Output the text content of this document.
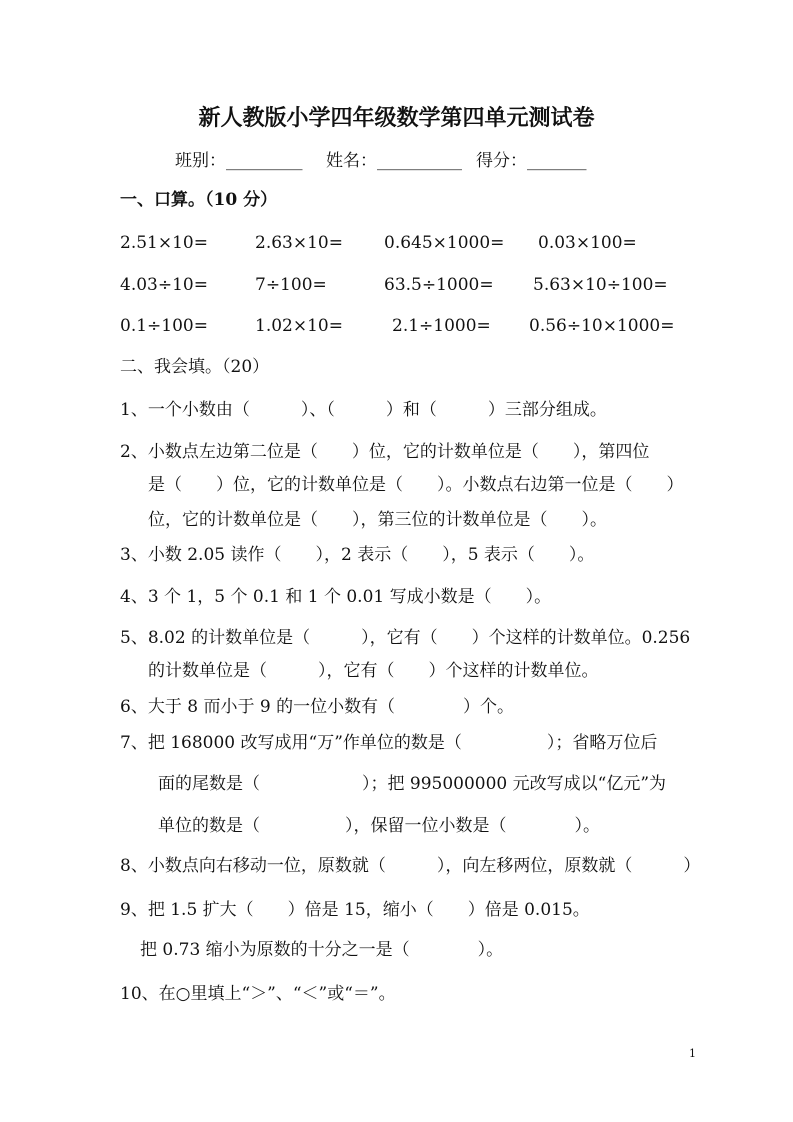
新人教版小学四年级数学第四单元测试卷
班别：_________ 姓名：__________ 得分：_______
一、口算。（10 分）
2.51×10=	2.63×10= 0.645×1000= 0.03×100=
4.03÷10=	7÷100=	63.5÷1000= 5.63×10÷100=
0.1÷100=	1.02×10=	2.1÷1000= 0.56÷10×1000=
二、我会填。（20）
1、一个小数由（　　　）、（　　　）和（　　　）三部分组成。
2、小数点左边第二位是（　　）位，它的计数单位是（　　），第四位
是（　　）位，它的计数单位是（　　）。小数点右边第一位是（　　）
位，它的计数单位是（　　），第三位的计数单位是（　　）。
3、小数 2.05 读作（　　），2 表示（　　），5 表示（　　）。
4、3 个 1，5 个 0.1 和 1 个 0.01 写成小数是（　　）。
5、8.02 的计数单位是（　　　），它有（　　）个这样的计数单位。0.256
的计数单位是（　　　），它有（　　）个这样的计数单位。
6、大于 8 而小于 9 的一位小数有（　　　　）个。
7、把 168000 改写成用“万”作单位的数是（　　　　　）；省略万位后
面的尾数是（　　　　　　）；把 995000000 元改写成以“亿元”为
单位的数是（　　　　　），保留一位小数是（　　　　）。
8、小数点向右移动一位，原数就（　　　），向左移两位，原数就（　　　）
9、把 1.5 扩大（　　）倍是 15，缩小（　　）倍是 0.015。
把 0.73 缩小为原数的十分之一是（　　　　）。
10、在○里填上“＞”、“＜”或“＝”。
1
